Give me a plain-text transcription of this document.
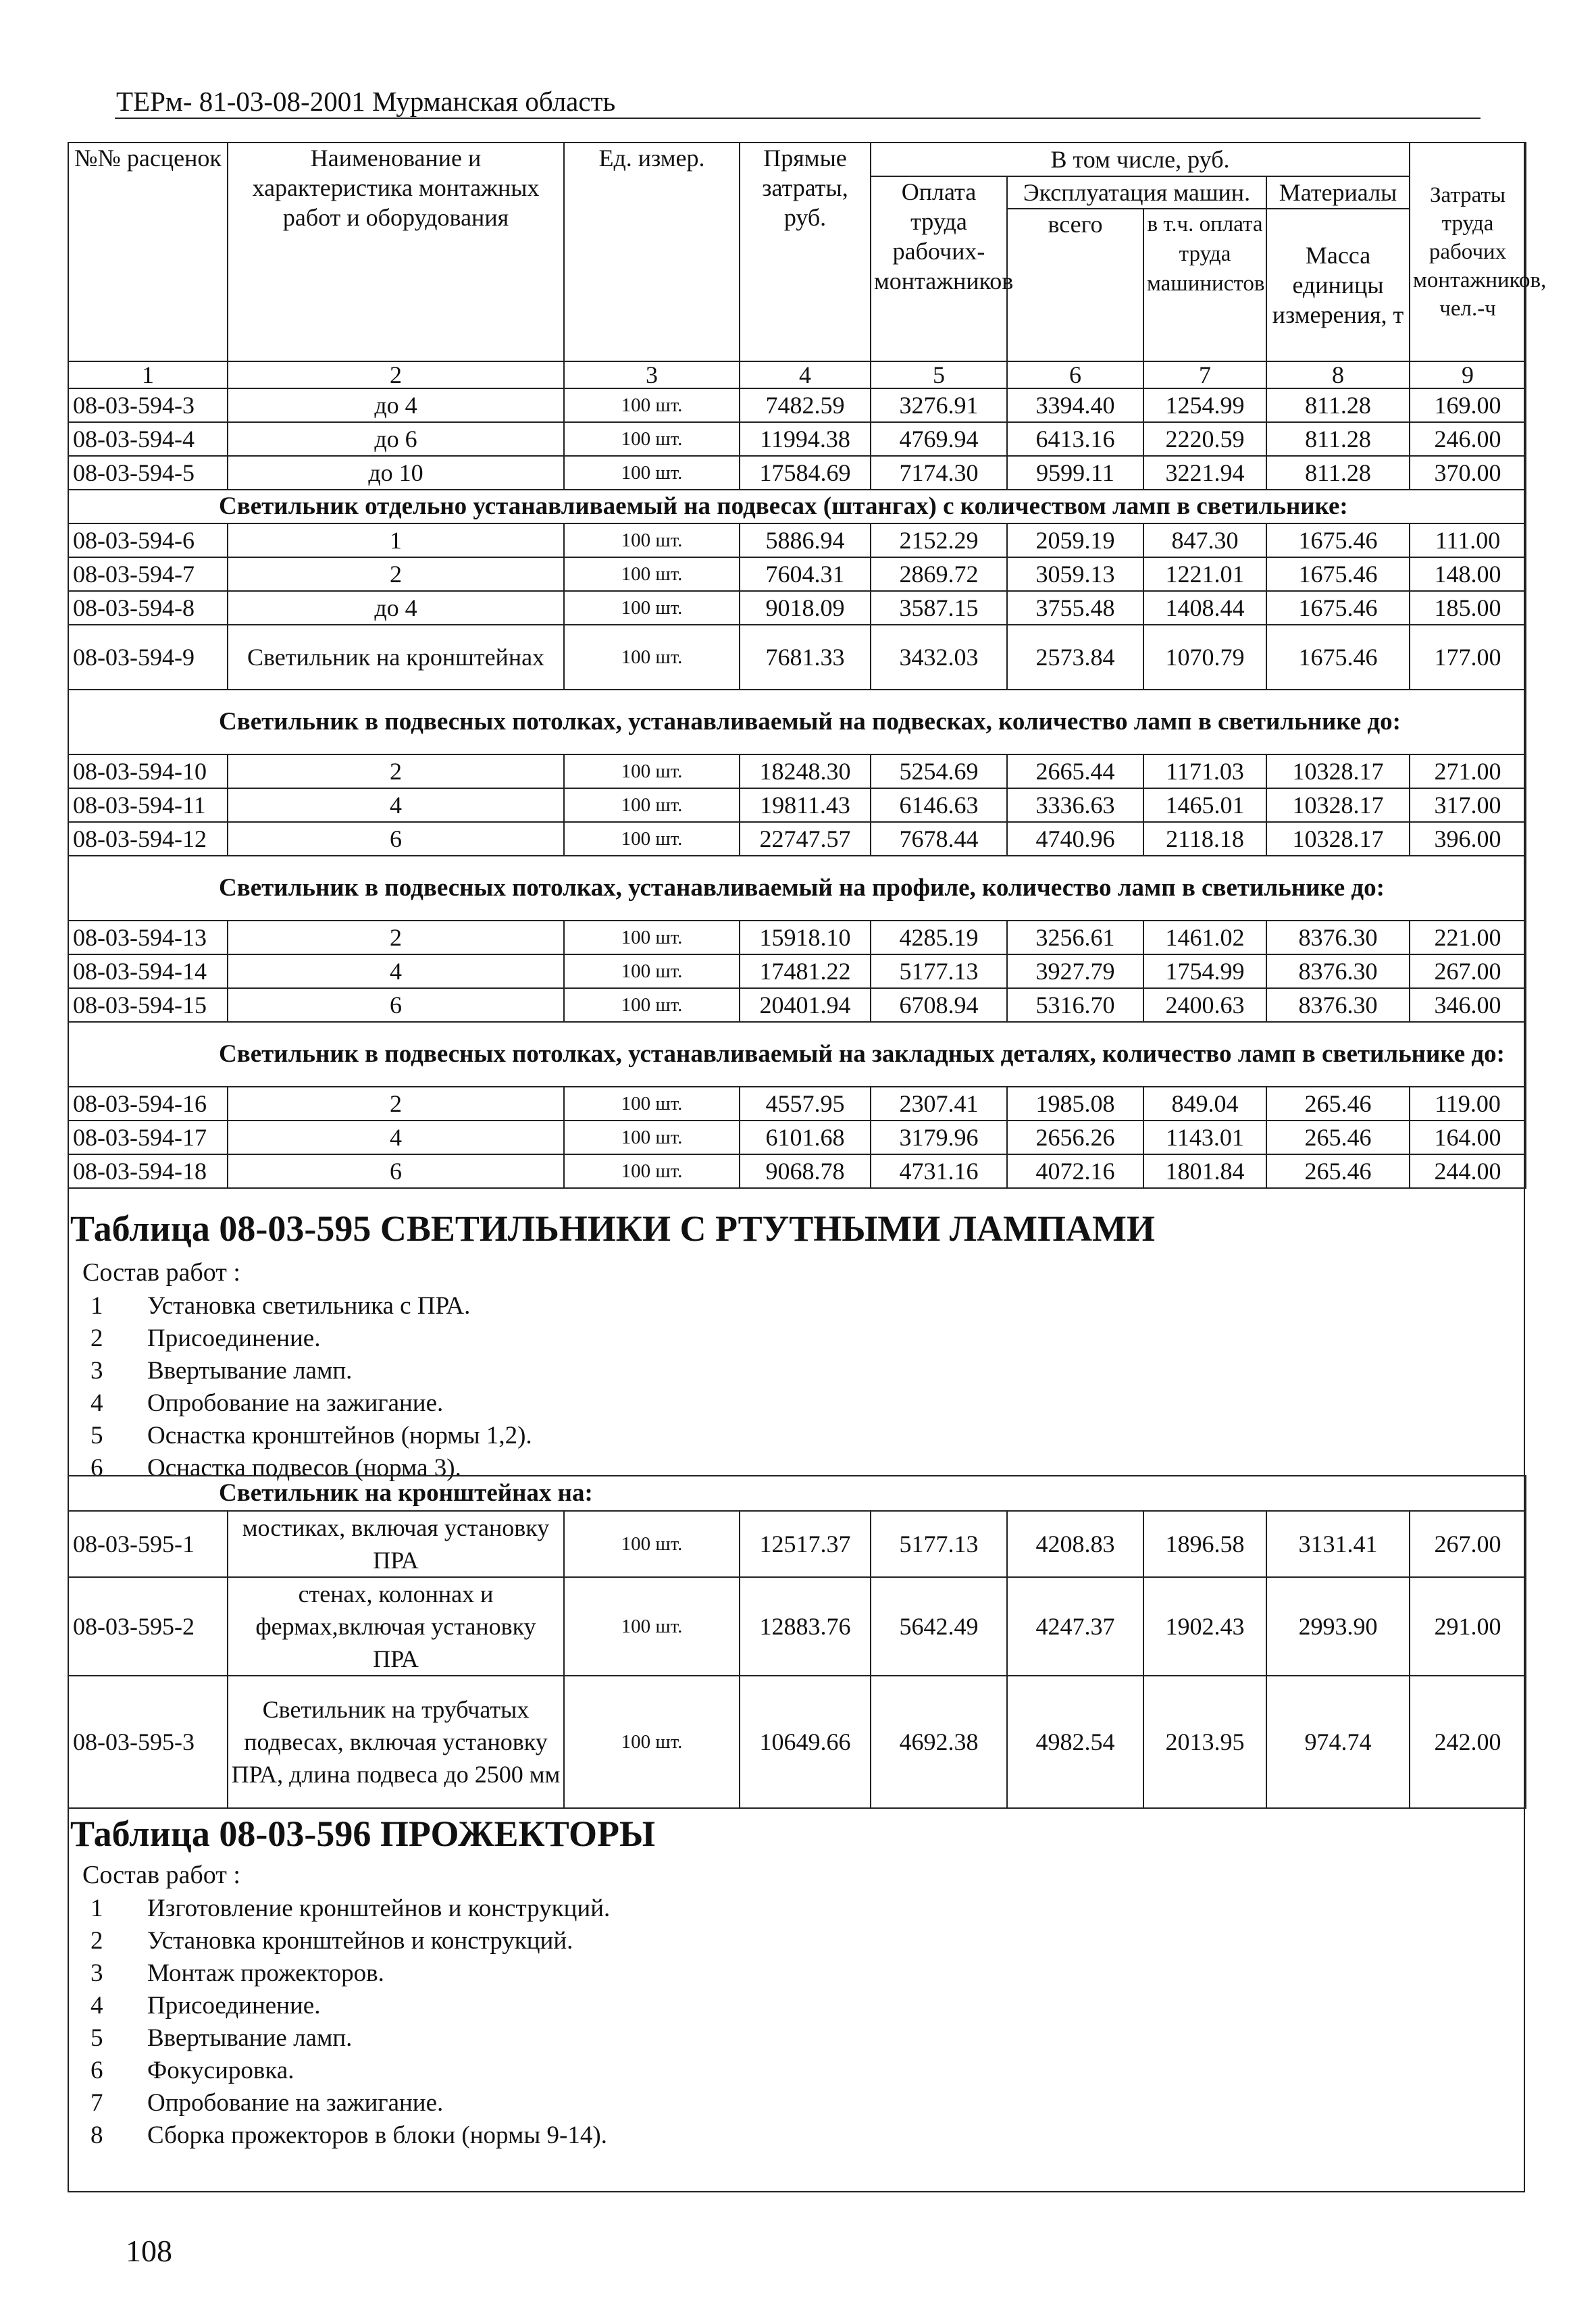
ТЕРм- 81-03-08-2001 Мурманская область
№№ расценок	Наименование и характеристика монтажных работ и оборудования	Ед. измер.	Прямые затраты, руб.	В том числе, руб.				Затраты труда рабочих монтажников, чел.-ч
				Оплата труда рабочих-монтажников	Эксплуатация машин.		Материалы	
					всего	в т.ч. оплата труда машинистов	Масса единицы измерения, т	
1	2	3	4	5	6	7	8	9
08-03-594-3	до 4	100 шт.	7482.59	3276.91	3394.40	1254.99	811.28	169.00
08-03-594-4	до 6	100 шт.	11994.38	4769.94	6413.16	2220.59	811.28	246.00
08-03-594-5	до 10	100 шт.	17584.69	7174.30	9599.11	3221.94	811.28	370.00
Светильник отдельно устанавливаемый на подвесах (штангах) с количеством ламп в светильнике:								
08-03-594-6	1	100 шт.	5886.94	2152.29	2059.19	847.30	1675.46	111.00
08-03-594-7	2	100 шт.	7604.31	2869.72	3059.13	1221.01	1675.46	148.00
08-03-594-8	до 4	100 шт.	9018.09	3587.15	3755.48	1408.44	1675.46	185.00
08-03-594-9	Светильник на кронштейнах	100 шт.	7681.33	3432.03	2573.84	1070.79	1675.46	177.00
Светильник в подвесных потолках, устанавливаемый на подвесках, количество ламп в светильнике до:								
08-03-594-10	2	100 шт.	18248.30	5254.69	2665.44	1171.03	10328.17	271.00
08-03-594-11	4	100 шт.	19811.43	6146.63	3336.63	1465.01	10328.17	317.00
08-03-594-12	6	100 шт.	22747.57	7678.44	4740.96	2118.18	10328.17	396.00
Светильник в подвесных потолках, устанавливаемый на профиле, количество ламп в светильнике до:								
08-03-594-13	2	100 шт.	15918.10	4285.19	3256.61	1461.02	8376.30	221.00
08-03-594-14	4	100 шт.	17481.22	5177.13	3927.79	1754.99	8376.30	267.00
08-03-594-15	6	100 шт.	20401.94	6708.94	5316.70	2400.63	8376.30	346.00
Светильник в подвесных потолках, устанавливаемый на закладных деталях, количество ламп в светильнике до:								
08-03-594-16	2	100 шт.	4557.95	2307.41	1985.08	849.04	265.46	119.00
08-03-594-17	4	100 шт.	6101.68	3179.96	2656.26	1143.01	265.46	164.00
08-03-594-18	6	100 шт.	9068.78	4731.16	4072.16	1801.84	265.46	244.00
Таблица 08-03-595 СВЕТИЛЬНИКИ С РТУТНЫМИ ЛАМПАМИ
Состав работ :
1 Установка светильника с ПРА.
2 Присоединение.
3 Ввертывание ламп.
4 Опробование на зажигание.
5 Оснастка кронштейнов (нормы 1,2).
6 Оснастка подвесов (норма 3).
Светильник на кронштейнах на:								
08-03-595-1	мостиках, включая установку ПРА	100 шт.	12517.37	5177.13	4208.83	1896.58	3131.41	267.00
08-03-595-2	стенах, колоннах и фермах,включая установку ПРА	100 шт.	12883.76	5642.49	4247.37	1902.43	2993.90	291.00
08-03-595-3	Светильник на трубчатых подвесах, включая установку ПРА, длина подвеса до 2500 мм	100 шт.	10649.66	4692.38	4982.54	2013.95	974.74	242.00
Таблица 08-03-596 ПРОЖЕКТОРЫ
Состав работ :
1 Изготовление кронштейнов и конструкций.
2 Установка кронштейнов и конструкций.
3 Монтаж прожекторов.
4 Присоединение.
5 Ввертывание ламп.
6 Фокусировка.
7 Опробование на зажигание.
8 Сборка прожекторов в блоки (нормы 9-14).
108
